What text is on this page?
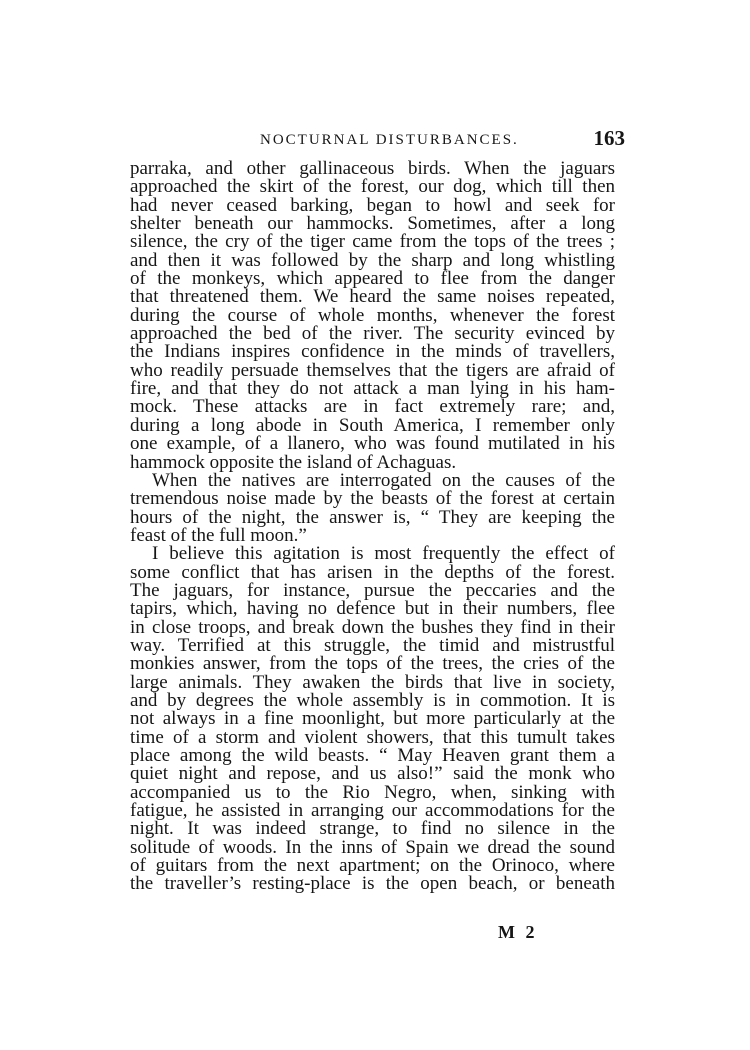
NOCTURNAL DISTURBANCES.	163
parraka, and other gallinaceous birds. When the jaguars
approached the skirt of the forest, our dog, which till then
had never ceased barking, began to howl and seek for
shelter beneath our hammocks. Sometimes, after a long
silence, the cry of the tiger came from the tops of the trees ;
and then it was followed by the sharp and long whistling
of the monkeys, which appeared to flee from the danger
that threatened them. We heard the same noises repeated,
during the course of whole months, whenever the forest
approached the bed of the river. The security evinced by
the Indians inspires confidence in the minds of travellers,
who readily persuade themselves that the tigers are afraid of
fire, and that they do not attack a man lying in his ham-
mock. These attacks are in fact extremely rare; and,
during a long abode in South America, I remember only
one example, of a llanero, who was found mutilated in his
hammock opposite the island of Achaguas.
When the natives are interrogated on the causes of the
tremendous noise made by the beasts of the forest at certain
hours of the night, the answer is, “ They are keeping the
feast of the full moon.”
I believe this agitation is most frequently the effect of
some conflict that has arisen in the depths of the forest.
The jaguars, for instance, pursue the peccaries and the
tapirs, which, having no defence but in their numbers, flee
in close troops, and break down the bushes they find in their
way. Terrified at this struggle, the timid and mistrustful
monkies answer, from the tops of the trees, the cries of the
large animals. They awaken the birds that live in society,
and by degrees the whole assembly is in commotion. It is
not always in a fine moonlight, but more particularly at the
time of a storm and violent showers, that this tumult takes
place among the wild beasts. “ May Heaven grant them a
quiet night and repose, and us also!” said the monk who
accompanied us to the Rio Negro, when, sinking with
fatigue, he assisted in arranging our accommodations for the
night. It was indeed strange, to find no silence in the
solitude of woods. In the inns of Spain we dread the sound
of guitars from the next apartment; on the Orinoco, where
the traveller’s resting-place is the open beach, or beneath
M 2
